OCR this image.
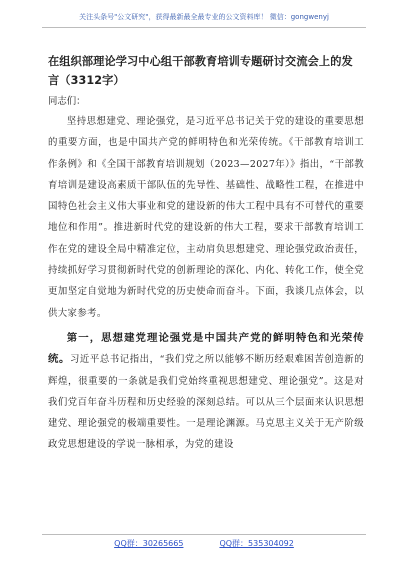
关注头条号"公文研究"，获得最新最全最专业的公文资料库！ 微信：gongwenyj

在组织部理论学习中心组干部教育培训专题研讨交流会上的发言（3312字）

同志们：

坚持思想建党、理论强党，是习近平总书记关于党的建设的重要思想的重要方面，也是中国共产党的鲜明特色和光荣传统。《干部教育培训工作条例》和《全国干部教育培训规划（2023—2027年）》指出，“干部教育培训是建设高素质干部队伍的先导性、基础性、战略性工程，在推进中国特色社会主义伟大事业和党的建设新的伟大工程中具有不可替代的重要地位和作用”。推进新时代党的建设新的伟大工程，要求干部教育培训工作在党的建设全局中精准定位，主动肩负思想建党、理论强党政治责任，持续抓好学习贯彻新时代党的创新理论的深化、内化、转化工作，使全党更加坚定自觉地为新时代党的历史使命而奋斗。下面，我谈几点体会，以供大家参考。

第一，思想建党理论强党是中国共产党的鲜明特色和光荣传统。习近平总书记指出，“我们党之所以能够不断历经艰难困苦创造新的辉煌，很重要的一条就是我们党始终重视思想建党、理论强党”。这是对我们党百年奋斗历程和历史经验的深刻总结。可以从三个层面来认识思想建党、理论强党的极端重要性。一是理论渊源。马克思主义关于无产阶级政党思想建设的学说一脉相承，为党的建设

QQ群：30265665	QQ群：535304092
